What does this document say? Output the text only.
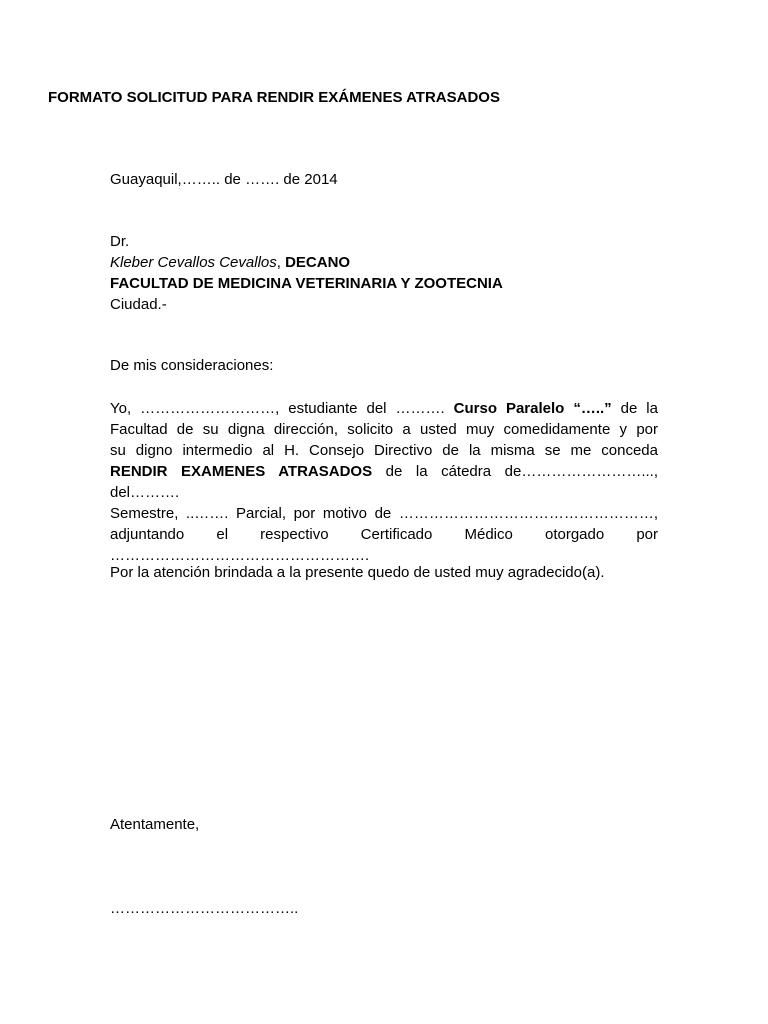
FORMATO SOLICITUD PARA RENDIR EXÁMENES ATRASADOS
Guayaquil,…….. de ……. de 2014
Dr.
Kleber Cevallos Cevallos, DECANO
FACULTAD DE MEDICINA VETERINARIA Y ZOOTECNIA
Ciudad.-
De mis consideraciones:
Yo, ………………………, estudiante del ………. Curso Paralelo “…..” de la
Facultad de su digna dirección, solicito a usted muy comedidamente y por
su digno intermedio al H. Consejo Directivo de la misma se me conceda
RENDIR EXAMENES ATRASADOS de la cátedra de……………………..., del……….
Semestre, ..……. Parcial, por motivo de ……………………………………………,
adjuntando el respectivo Certificado Médico otorgado por
…………………………………………….
Por la atención brindada a la presente quedo de usted muy agradecido(a).
Atentamente,
………………………………..
